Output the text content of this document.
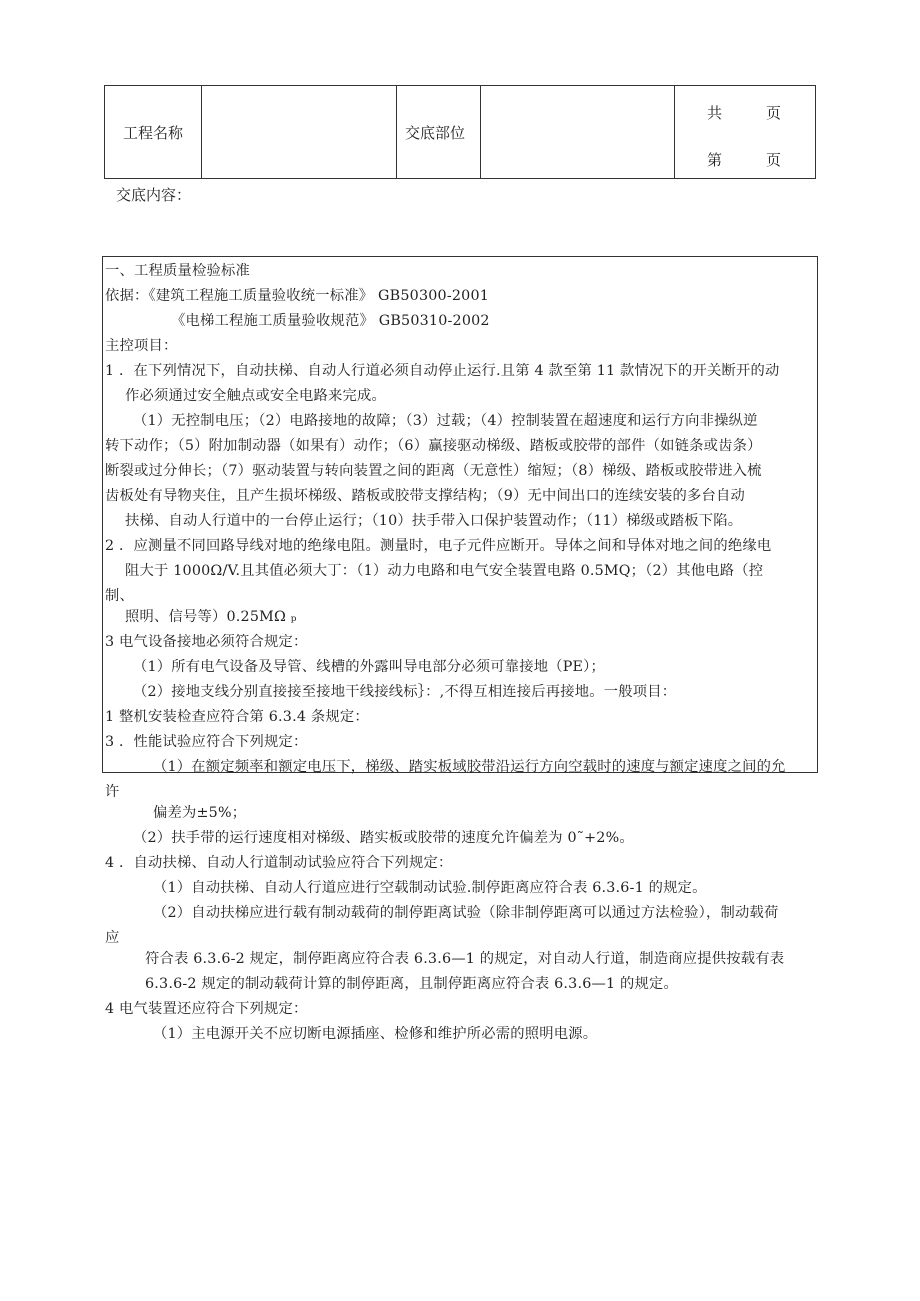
工程名称		交底部位		
共	页
第	页
交底内容：
一、工程质量检验标准
依据：《建筑工程施工质量验收统一标准》 GB50300-2001
《电梯工程施工质量验收规范》 GB50310-2002
主控项目：
1 ．在下列情况下，自动扶梯、自动人行道必须自动停止运行.且第 4 款至第 11 款情况下的开关断开的动
作必须通过安全触点或安全电路来完成。
（1）无控制电压；（2）电路接地的故障；（3）过载；（4）控制装置在超速度和运行方向非操纵逆
转下动作；（5）附加制动器（如果有）动作；（6）赢接驱动梯级、踏板或胶带的部件（如链条或齿条）
断裂或过分伸长；（7）驱动装置与转向装置之间的距离（无意性）缩短；（8）梯级、踏板或胶带进入梳
齿板处有导物夹住，且产生损坏梯级、踏板或胶带支撑结构；（9）无中间出口的连续安装的多台自动
扶梯、自动人行道中的一台停止运行；（10）扶手带入口保护装置动作；（11）梯级或踏板下陷。
2 ．应测量不同回路导线对地的绝缘电阻。测量时，电子元件应断开。导体之间和导体对地之间的绝缘电
阻大于 1000Ω/V.且其值必须大丁：（1）动力电路和电气安全装置电路 0.5MQ；（2）其他电路（控
制、
照明、信号等）0.25MΩ ₚ
3 电气设备接地必须符合规定：
（1）所有电气设备及导管、线槽的外露叫导电部分必须可靠接地（PE）；
（2）接地支线分别直接接至接地干线接线标｝：,不得互相连接后再接地。一般项目：
1 整机安装检查应符合第 6.3.4 条规定：
3 ．性能试验应符合下列规定：
（1）在额定频率和额定电压下，梯级、踏实板域胶带沿运行方向空载时的速度与额定速度之间的允
许
偏差为±5%；
（2）扶手带的运行速度相对梯级、踏实板或胶带的速度允许偏差为 0˜+2%。
4 ．自动扶梯、自动人行道制动试验应符合下列规定：
（1）自动扶梯、自动人行道应进行空载制动试验.制停距离应符合表 6.3.6-1 的规定。
（2）自动扶梯应进行载有制动载荷的制停距离试验（除非制停距离可以通过方法检验），制动载荷
应
符合表 6.3.6-2 规定，制停距离应符合表 6.3.6—1 的规定，对自动人行道，制造商应提供按载有表
6.3.6-2 规定的制动载荷计算的制停距离，且制停距离应符合表 6.3.6—1 的规定。
4 电气装置还应符合下列规定：
（1）主电源开关不应切断电源插座、检修和维护所必需的照明电源。
